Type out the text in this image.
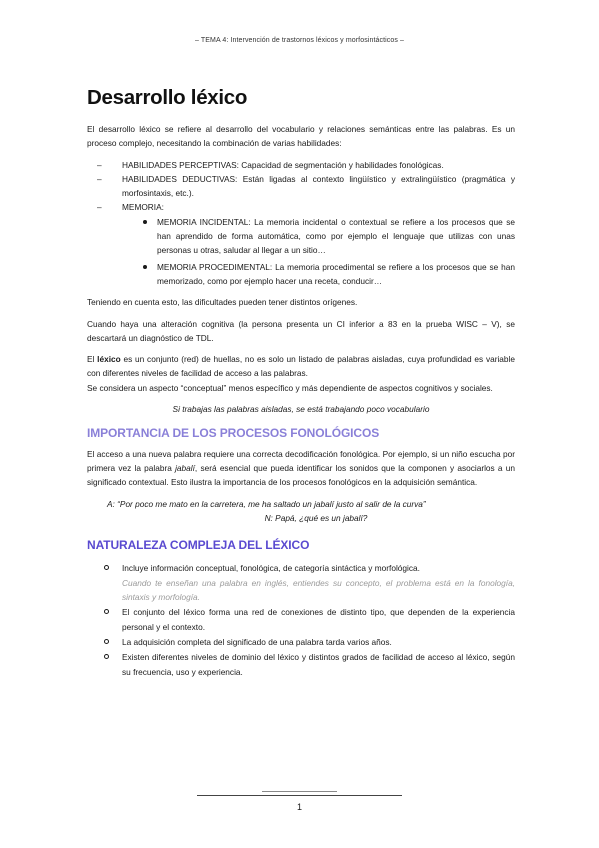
– TEMA 4: Intervención de trastornos léxicos y morfosintácticos –
Desarrollo léxico

El desarrollo léxico se refiere al desarrollo del vocabulario y relaciones semánticas entre las palabras. Es un proceso complejo, necesitando la combinación de varias habilidades:

– HABILIDADES PERCEPTIVAS: Capacidad de segmentación y habilidades fonológicas.
– HABILIDADES DEDUCTIVAS: Están ligadas al contexto lingüístico y extralingüístico (pragmática y morfosintaxis, etc.).
– MEMORIA:
MEMORIA INCIDENTAL: La memoria incidental o contextual se refiere a los procesos que se han aprendido de forma automática, como por ejemplo el lenguaje que utilizas con unas personas u otras, saludar al llegar a un sitio…
MEMORIA PROCEDIMENTAL: La memoria procedimental se refiere a los procesos que se han memorizado, como por ejemplo hacer una receta, conducir…

Teniendo en cuenta esto, las dificultades pueden tener distintos orígenes.

Cuando haya una alteración cognitiva (la persona presenta un CI inferior a 83 en la prueba WISC – V), se descartará un diagnóstico de TDL.

El léxico es un conjunto (red) de huellas, no es solo un listado de palabras aisladas, cuya profundidad es variable con diferentes niveles de facilidad de acceso a las palabras.

Se considera un aspecto “conceptual” menos específico y más dependiente de aspectos cognitivos y sociales.

Si trabajas las palabras aisladas, se está trabajando poco vocabulario

IMPORTANCIA DE LOS PROCESOS FONOLÓGICOS

El acceso a una nueva palabra requiere una correcta decodificación fonológica. Por ejemplo, si un niño escucha por primera vez la palabra jabalí, será esencial que pueda identificar los sonidos que la componen y asociarlos a un significado contextual. Esto ilustra la importancia de los procesos fonológicos en la adquisición semántica.

A: “Por poco me mato en la carretera, me ha saltado un jabalí justo al salir de la curva”

N: Papá, ¿qué es un jabalí?

NATURALEZA COMPLEJA DEL LÉXICO
Incluye información conceptual, fonológica, de categoría sintáctica y morfológica.
Cuando te enseñan una palabra en inglés, entiendes su concepto, el problema está en la fonología, sintaxis y morfología.
El conjunto del léxico forma una red de conexiones de distinto tipo, que dependen de la experiencia personal y el contexto.
La adquisición completa del significado de una palabra tarda varios años.
Existen diferentes niveles de dominio del léxico y distintos grados de facilidad de acceso al léxico, según su frecuencia, uso y experiencia.
1
